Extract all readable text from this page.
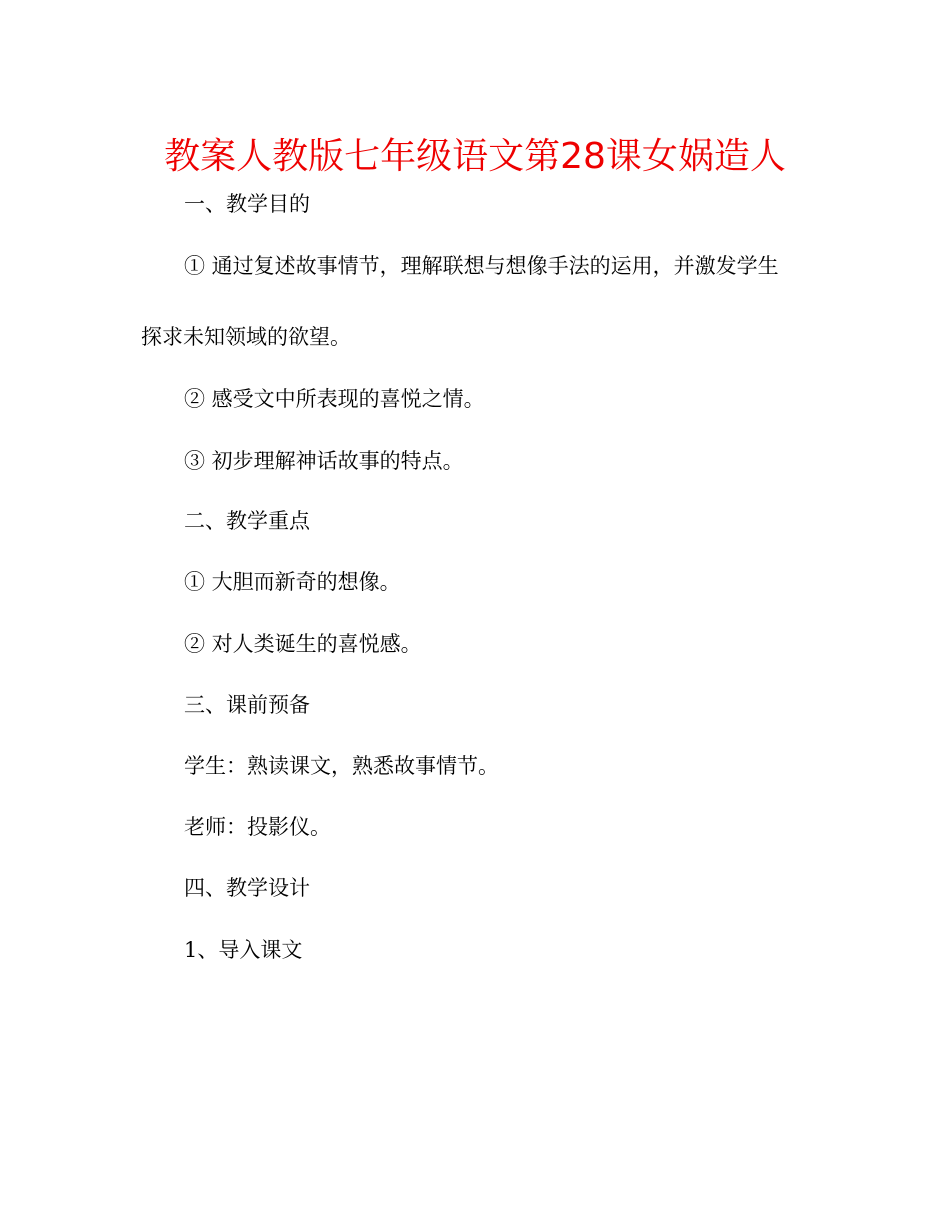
教案人教版七年级语文第28课女娲造人
一、教学目的
① 通过复述故事情节，理解联想与想像手法的运用，并激发学生
探求未知领域的欲望。
② 感受文中所表现的喜悦之情。
③ 初步理解神话故事的特点。
二、教学重点
① 大胆而新奇的想像。
② 对人类诞生的喜悦感。
三、课前预备
学生：熟读课文，熟悉故事情节。
老师：投影仪。
四、教学设计
1、导入课文
